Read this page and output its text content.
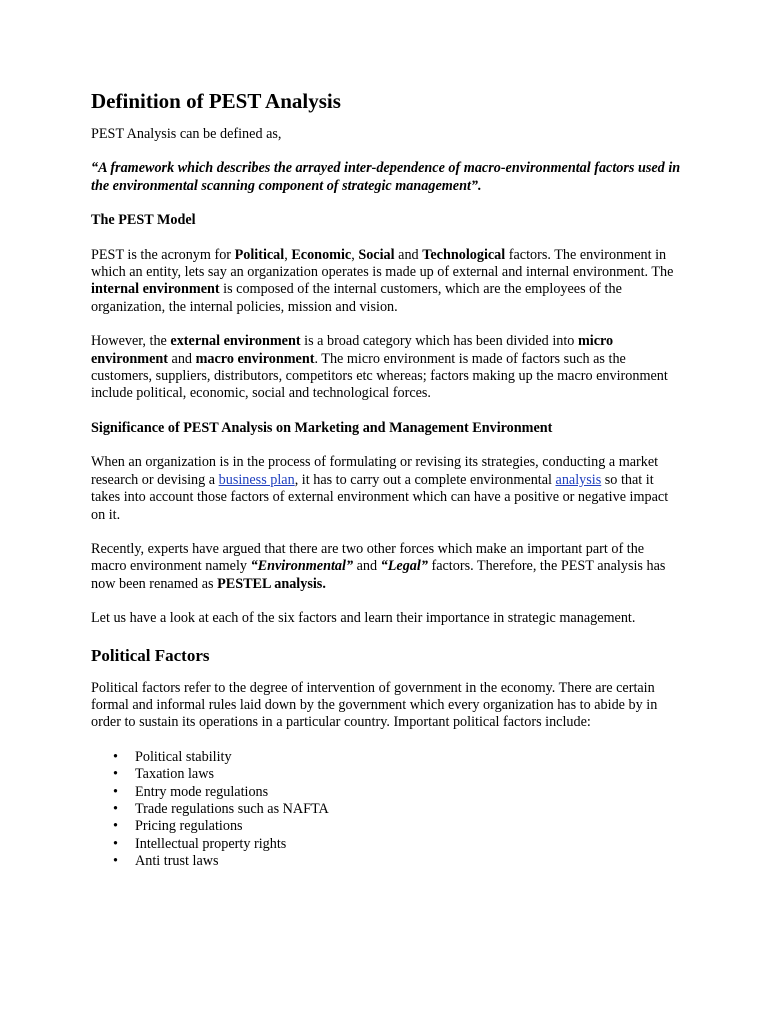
Definition of PEST Analysis

PEST Analysis can be defined as,

“A framework which describes the arrayed inter-dependence of macro-environmental factors used in the environmental scanning component of strategic management”.

The PEST Model

PEST is the acronym for Political, Economic, Social and Technological factors. The environment in which an entity, lets say an organization operates is made up of external and internal environment. The internal environment is composed of the internal customers, which are the employees of the organization, the internal policies, mission and vision.

However, the external environment is a broad category which has been divided into micro environment and macro environment. The micro environment is made of factors such as the customers, suppliers, distributors, competitors etc whereas; factors making up the macro environment include political, economic, social and technological forces.

Significance of PEST Analysis on Marketing and Management Environment

When an organization is in the process of formulating or revising its strategies, conducting a market research or devising a business plan, it has to carry out a complete environmental analysis so that it takes into account those factors of external environment which can have a positive or negative impact on it.

Recently, experts have argued that there are two other forces which make an important part of the macro environment namely “Environmental” and “Legal” factors. Therefore, the PEST analysis has now been renamed as PESTEL analysis.

Let us have a look at each of the six factors and learn their importance in strategic management.

Political Factors

Political factors refer to the degree of intervention of government in the economy. There are certain formal and informal rules laid down by the government which every organization has to abide by in order to sustain its operations in a particular country. Important political factors include:

• Political stability
• Taxation laws
• Entry mode regulations
• Trade regulations such as NAFTA
• Pricing regulations
• Intellectual property rights
• Anti trust laws
